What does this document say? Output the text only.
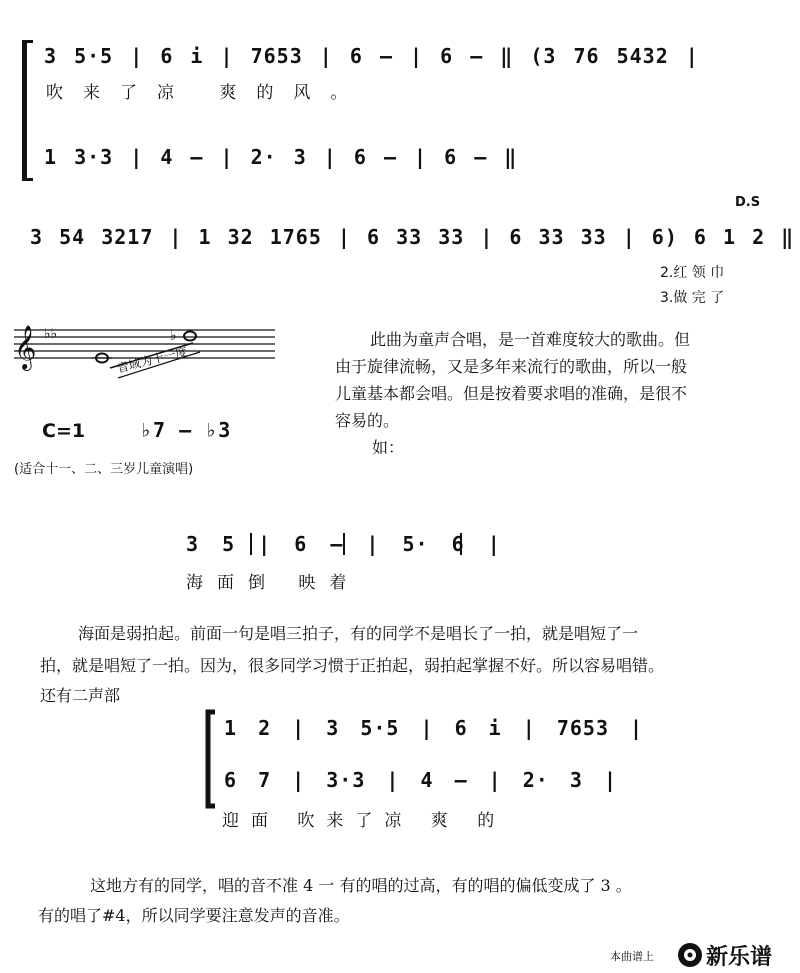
3 5·5 | 6 i | 7653 | 6 — | 6 — ‖ (3 76 5432 |
吹来了凉 爽的风。
1 3·3 | 4 — | 2· 3 | 6 — | 6 — ‖
D.S
3 54 3217 | 1 32 1765 | 6 33 33 | 6 33 33 | 6) 6 1 2 ‖
2.红 领 巾
3.做 完 了
𝄞 ♭♭	♭
音域为十一度
C=1	♭7 — ♭3
(适合十一、二、三岁儿童演唱)
此曲为童声合唱，是一首难度较大的歌曲。但
由于旋律流畅，又是多年来流行的歌曲，所以一般
儿童基本都会唱。但是按着要求唱的准确，是很不
容易的。
如：
3 5 | 6 — | 5· 6 |
海面倒 映着
海面是弱拍起。前面一句是唱三拍子，有的同学不是唱长了一拍，就是唱短了一
拍，就是唱短了一拍。因为，很多同学习惯于正拍起，弱拍起掌握不好。所以容易唱错。
还有二声部
1 2 | 3 5·5 | 6 i | 7653 |
6 7 | 3·3 | 4 — | 2· 3 |
迎面 吹来了凉 爽 的
这地方有的同学，唱的音不准 4 一 有的唱的过高，有的唱的偏低变成了 3 。
有的唱了#4，所以同学要注意发声的音准。
本曲谱上 新乐谱
